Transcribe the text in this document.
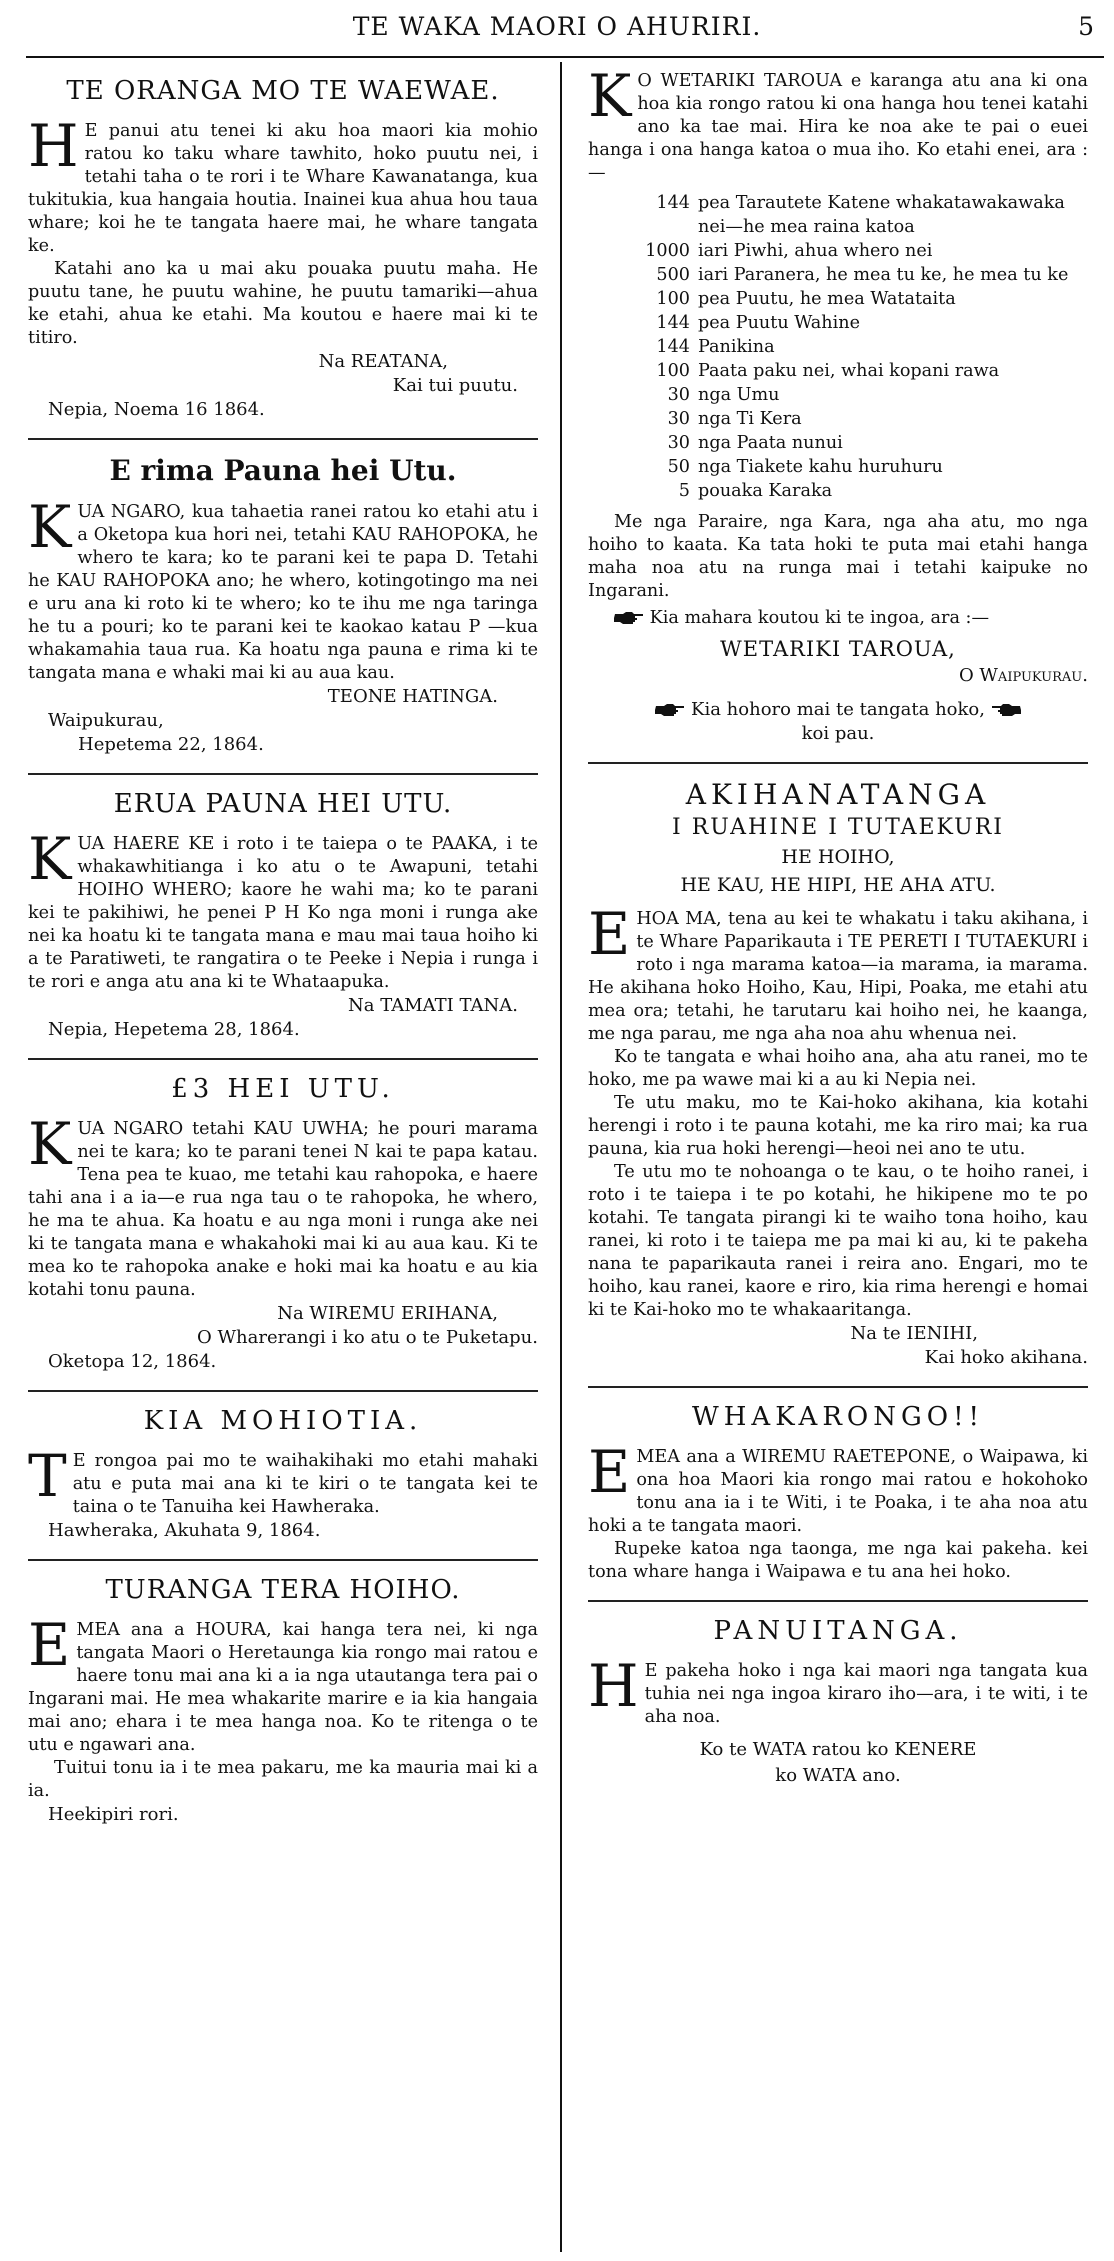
TE WAKA MAORI O AHURIRI.	5
TE ORANGA MO TE WAEWAE.

H E panui atu tenei ki aku hoa maori kia mohio ratou ko taku whare tawhito, hoko puutu nei, i tetahi taha o te rori i te Whare Kawanatanga, kua tukitukia, kua hangaia houtia. Inainei kua ahua hou taua whare; koi he te tangata haere mai, he whare tangata ke.

Katahi ano ka u mai aku pouaka puutu maha. He puutu tane, he puutu wahine, he puutu tamariki—ahua ke etahi, ahua ke etahi. Ma koutou e haere mai ki te titiro.

Na REATANA,
Kai tui puutu.
Nepia, Noema 16 1864.
E rima Pauna hei Utu.

KUA NGARO, kua tahaetia ranei ratou ko etahi atu i a Oketopa kua hori nei, tetahi KAU RAHOPOKA, he whero te kara; ko te parani kei te papa D. Tetahi he KAU RAHOPOKA ano; he whero, kotingotingo ma nei e uru ana ki roto ki te whero; ko te ihu me nga taringa he tu a pouri; ko te parani kei te kaokao katau P —kua whakamahia taua rua. Ka hoatu nga pauna e rima ki te tangata mana e whaki mai ki au aua kau.

TEONE HATINGA.
Waipukurau,
Hepetema 22, 1864.
ERUA PAUNA HEI UTU.

KUA HAERE KE i roto i te taiepa o te PAAKA, i te whakawhitianga i ko atu o te Awapuni, tetahi HOIHO WHERO; kaore he wahi ma; ko te parani kei te pakihiwi, he penei P H Ko nga moni i runga ake nei ka hoatu ki te tangata mana e mau mai taua hoiho ki a te Paratiweti, te rangatira o te Peeke i Nepia i runga i te rori e anga atu ana ki te Whataapuka.

Na TAMATI TANA.
Nepia, Hepetema 28, 1864.
£3 HEI UTU.

KUA NGARO tetahi KAU UWHA; he pouri marama nei te kara; ko te parani tenei N kai te papa katau. Tena pea te kuao, me tetahi kau rahopoka, e haere tahi ana i a ia—e rua nga tau o te rahopoka, he whero, he ma te ahua. Ka hoatu e au nga moni i runga ake nei ki te tangata mana e whakahoki mai ki au aua kau. Ki te mea ko te rahopoka anake e hoki mai ka hoatu e au kia kotahi tonu pauna.

Na WIREMU ERIHANA,
O Wharerangi i ko atu o te Puketapu.
Oketopa 12, 1864.
KIA MOHIOTIA.

T E rongoa pai mo te waihakihaki mo etahi mahaki atu e puta mai ana ki te kiri o te tangata kei te taina o te Tanuiha kei Hawheraka.

Hawheraka, Akuhata 9, 1864.
TURANGA TERA HOIHO.

EMEA ana a HOURA, kai hanga tera nei, ki nga tangata Maori o Heretaunga kia rongo mai ratou e haere tonu mai ana ki a ia nga utautanga tera pai o Ingarani mai. He mea whakarite marire e ia kia hangaia mai ano; ehara i te mea hanga noa. Ko te ritenga o te utu e ngawari ana.

Tuitui tonu ia i te mea pakaru, me ka mauria mai ki a ia.

Heekipiri rori.

K O WETARIKI TAROUA e karanga atu ana ki ona hoa kia rongo ratou ki ona hanga hou tenei katahi ano ka tae mai. Hira ke noa ake te pai o euei hanga i ona hanga katoa o mua iho. Ko etahi enei, ara :—

144 pea Tarautete Katene whakatawakawaka
nei—he mea raina katoa
1000 iari Piwhi, ahua whero nei
500 iari Paranera, he mea tu ke, he mea tu ke
100 pea Puutu, he mea Watataita
144 pea Puutu Wahine
144 Panikina
100 Paata paku nei, whai kopani rawa
30 nga Umu
30 nga Ti Kera
30 nga Paata nunui
50 nga Tiakete kahu huruhuru
5 pouaka Karaka

Me nga Paraire, nga Kara, nga aha atu, mo nga hoiho to kaata. Ka tata hoki te puta mai etahi hanga maha noa atu na runga mai i tetahi kaipuke no Ingarani.

Kia mahara koutou ki te ingoa, ara :—

WETARIKI TAROUA,
O Waipukurau.
Kia hohoro mai te tangata hoko,
koi pau.
AKIHANATANGA
I RUAHINE I TUTAEKURI
HE HOIHO,
HE KAU, HE HIPI, HE AHA ATU.

EHOA MA, tena au kei te whakatu i taku akihana, i te Whare Paparikauta i TE PERETI I TUTAEKURI i roto i nga marama katoa—ia marama, ia marama. He akihana hoko Hoiho, Kau, Hipi, Poaka, me etahi atu mea ora; tetahi, he tarutaru kai hoiho nei, he kaanga, me nga parau, me nga aha noa ahu whenua nei.

Ko te tangata e whai hoiho ana, aha atu ranei, mo te hoko, me pa wawe mai ki a au ki Nepia nei.

Te utu maku, mo te Kai-hoko akihana, kia kotahi herengi i roto i te pauna kotahi, me ka riro mai; ka rua pauna, kia rua hoki herengi—heoi nei ano te utu.

Te utu mo te nohoanga o te kau, o te hoiho ranei, i roto i te taiepa i te po kotahi, he hikipene mo te po kotahi. Te tangata pirangi ki te waiho tona hoiho, kau ranei, ki roto i te taiepa me pa mai ki au, ki te pakeha nana te paparikauta ranei i reira ano. Engari, mo te hoiho, kau ranei, kaore e riro, kia rima herengi e homai ki te Kai-hoko mo te whakaaritanga.

Na te IENIHI,
Kai hoko akihana.
WHAKARONGO!!

EMEA ana a WIREMU RAETEPONE, o Waipawa, ki ona hoa Maori kia rongo mai ratou e hokohoko tonu ana ia i te Witi, i te Poaka, i te aha noa atu hoki a te tangata maori.

Rupeke katoa nga taonga, me nga kai pakeha. kei tona whare hanga i Waipawa e tu ana hei hoko.

PANUITANGA.

H E pakeha hoko i nga kai maori nga tangata kua tuhia nei nga ingoa kiraro iho—ara, i te witi, i te aha noa.

Ko te WATA ratou ko KENERE
ko WATA ano.
